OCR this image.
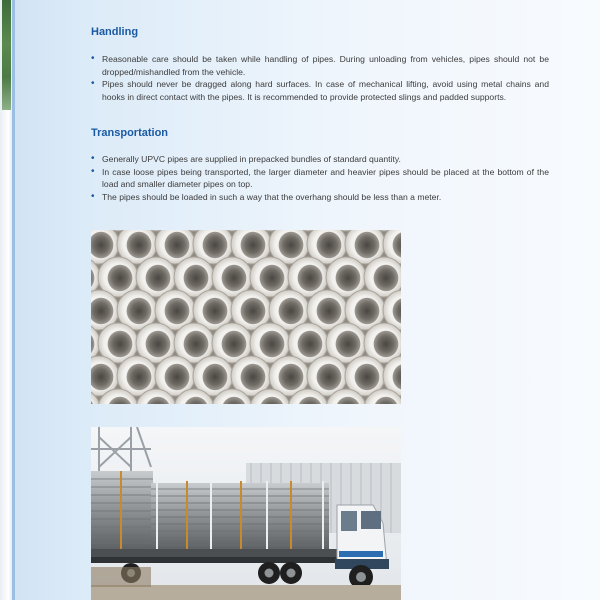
Handling
• Reasonable care should be taken while handling of pipes. During unloading from vehicles, pipes should not be dropped/mishandled from the vehicle.
• Pipes should never be dragged along hard surfaces. In case of mechanical lifting, avoid using metal chains and hooks in direct contact with the pipes. It is recommended to provide protected slings and padded supports.
Transportation
• Generally UPVC pipes are supplied in prepacked bundles of standard quantity.
• In case loose pipes being transported, the larger diameter and heavier pipes should be placed at the bottom of the load and smaller diameter pipes on top.
• The pipes should be loaded in such a way that the overhang should be less than a meter.
